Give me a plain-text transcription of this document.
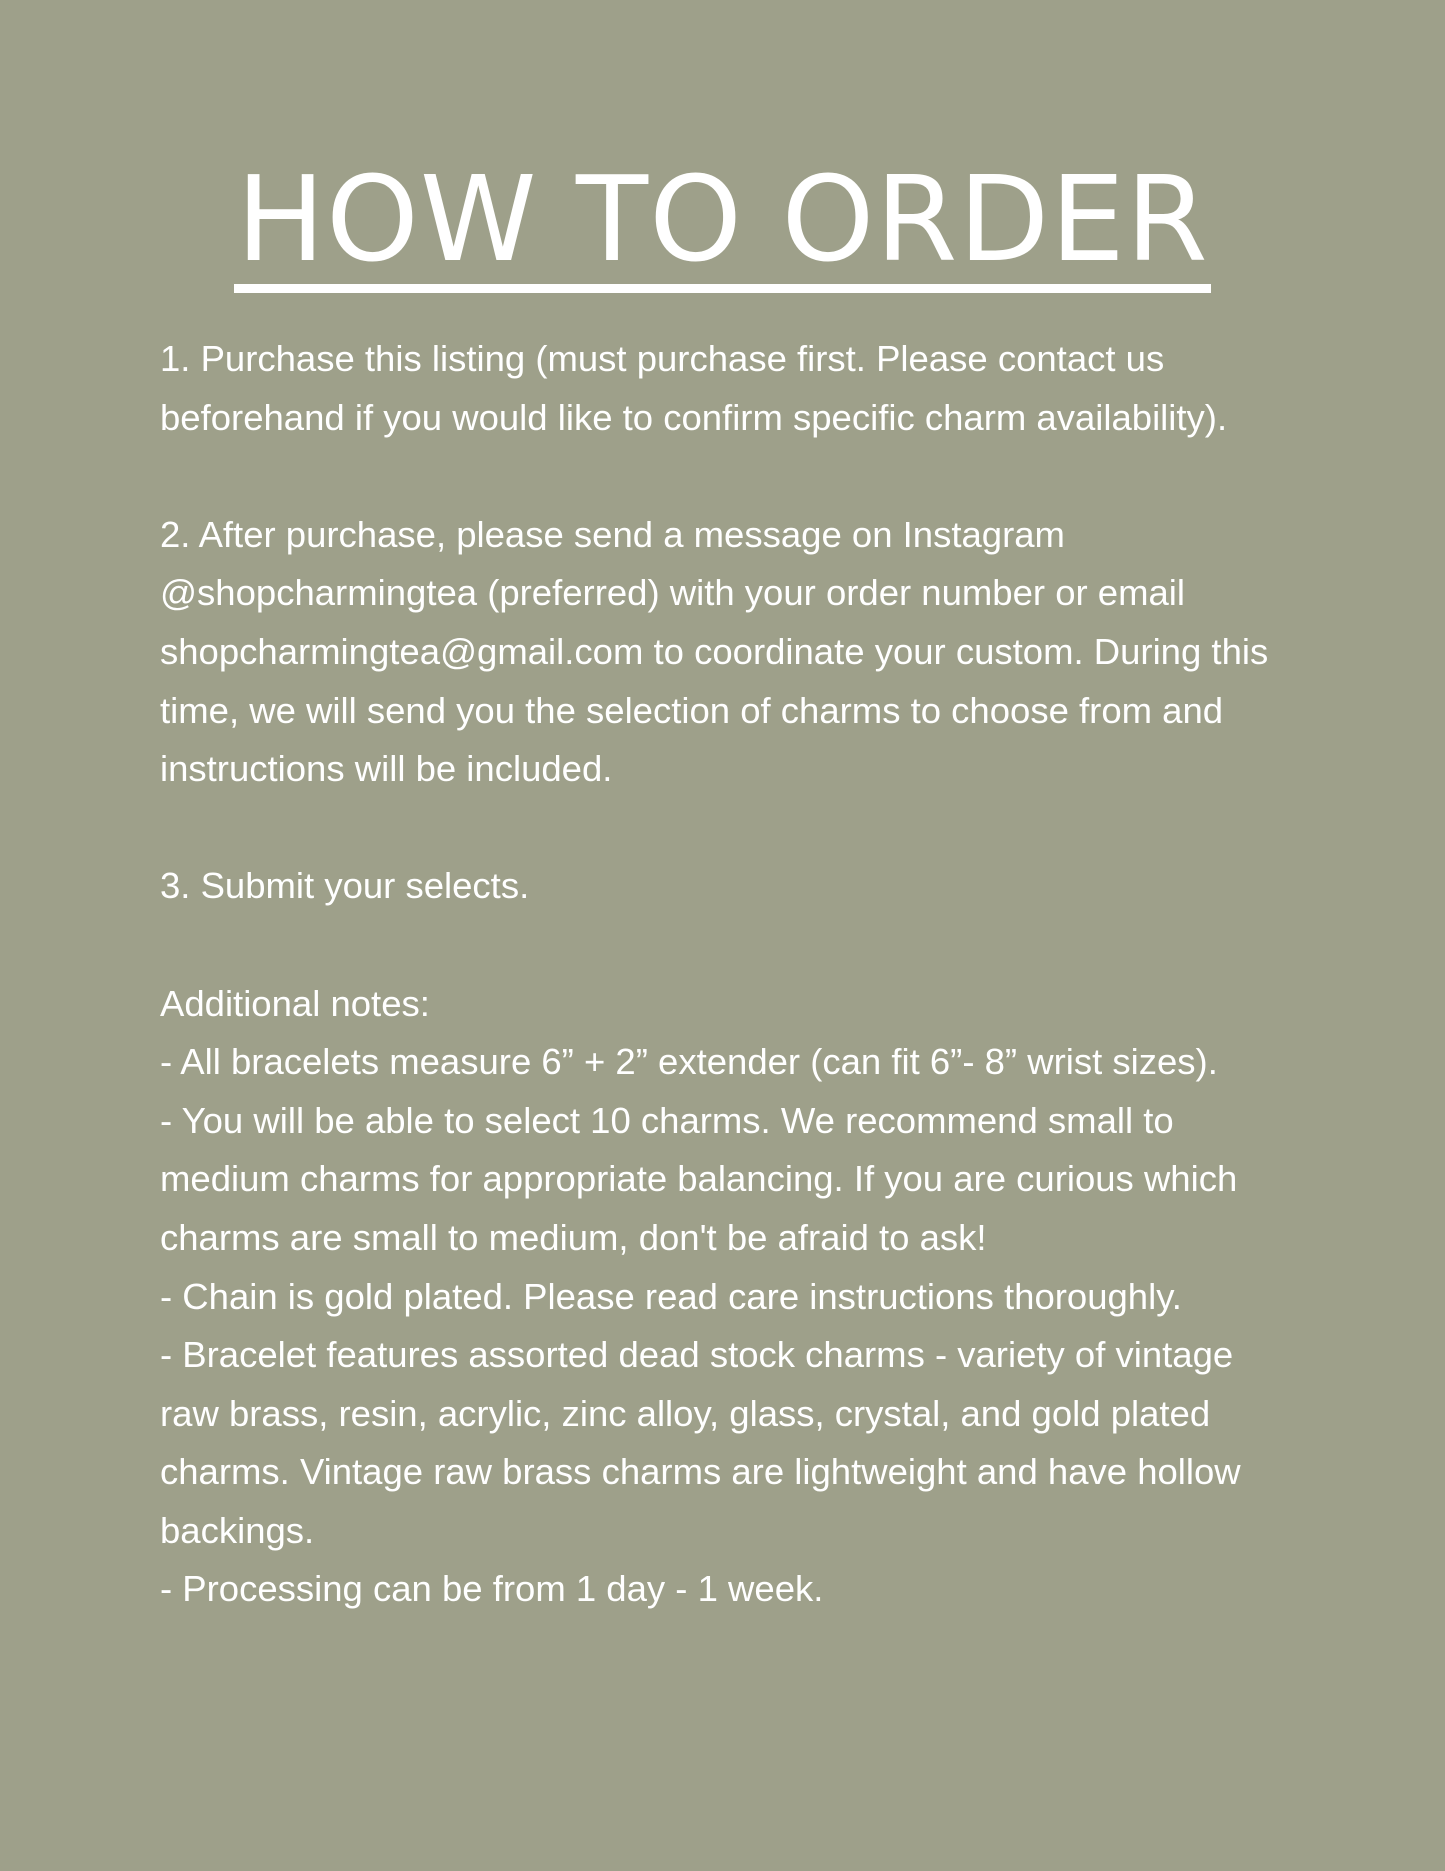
HOW TO ORDER

1. Purchase this listing (must purchase first. Please contact us beforehand if you would like to confirm specific charm availability).

2. After purchase, please send a message on Instagram @shopcharmingtea (preferred) with your order number or email shopcharmingtea@gmail.com to coordinate your custom. During this time, we will send you the selection of charms to choose from and instructions will be included.

3. Submit your selects.

Additional notes:

- All bracelets measure 6” + 2” extender (can fit 6”- 8” wrist sizes).

- You will be able to select 10 charms. We recommend small to medium charms for appropriate balancing. If you are curious which charms are small to medium, don't be afraid to ask!

- Chain is gold plated. Please read care instructions thoroughly.

- Bracelet features assorted dead stock charms - variety of vintage raw brass, resin, acrylic, zinc alloy, glass, crystal, and gold plated charms. Vintage raw brass charms are lightweight and have hollow backings.

- Processing can be from 1 day - 1 week.
